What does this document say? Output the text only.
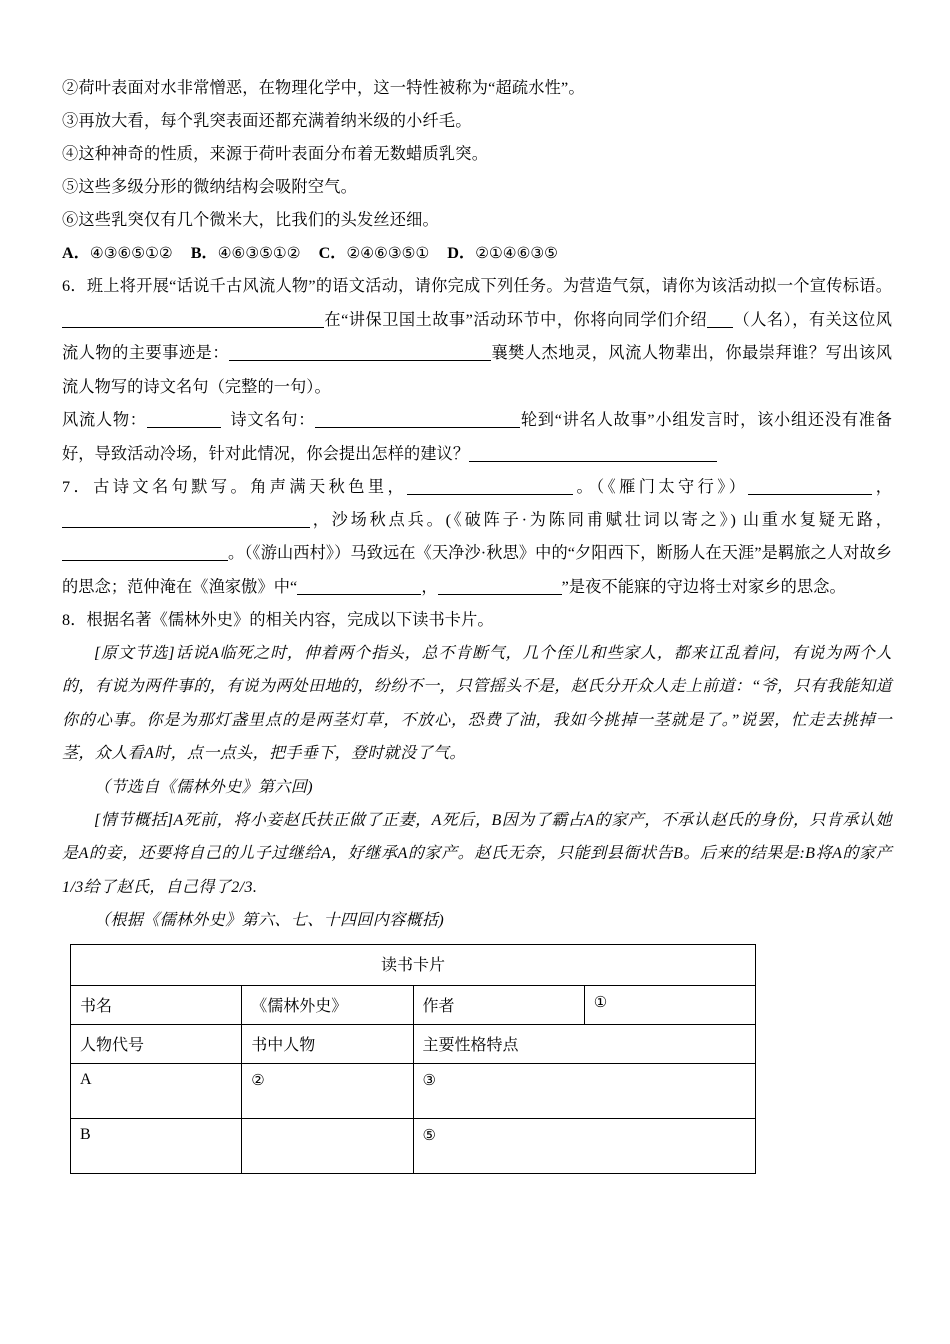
②荷叶表面对水非常憎恶，在物理化学中，这一特性被称为“超疏水性”。
③再放大看，每个乳突表面还都充满着纳米级的小纤毛。
④这种神奇的性质，来源于荷叶表面分布着无数蜡质乳突。
⑤这些多级分形的微纳结构会吸附空气。
⑥这些乳突仅有几个微米大，比我们的头发丝还细。
A．④③⑥⑤①② B．④⑥③⑤①② C．②④⑥③⑤① D．②①④⑥③⑤
6．班上将开展“话说千古风流人物”的语文活动，请你完成下列任务。为营造气氛，请你为该活动拟一个宣传标语。在“讲保卫国土故事”活动环节中，你将向同学们介绍 （人名），有关这位风流人物的主要事迹是：	襄樊人杰地灵，风流人物辈出，你最崇拜谁？写出该风流人物写的诗文名句（完整的一句）。
风流人物：	诗文名句：	轮到“讲名人故事”小组发言时，该小组还没有准备好，导致活动冷场，针对此情况，你会提出怎样的建议？
7．古诗文名句默写。角声满天秋色里，	。（《雁门太守行》）	，，沙场秋点兵。(《破阵子·为陈同甫赋壮词以寄之》) 山重水复疑无路，。（《游山西村》）马致远在《天净沙·秋思》中的“夕阳西下，断肠人在天涯”是羁旅之人对故乡的思念；范仲淹在《渔家傲》中“	，	”是夜不能寐的守边将士对家乡的思念。
8．根据名著《儒林外史》的相关内容，完成以下读书卡片。
[原文节选]话说A临死之时，伸着两个指头，总不肯断气，几个侄儿和些家人，都来讧乱着问，有说为两个人的，有说为两件事的，有说为两处田地的，纷纷不一，只管摇头不是，赵氏分开众人走上前道：“爷，只有我能知道你的心事。你是为那灯盏里点的是两茎灯草，不放心，恐费了油，我如今挑掉一茎就是了。”说罢，忙走去挑掉一茎，众人看A时，点一点头，把手垂下，登时就没了气。
（节选自《儒林外史》第六回)
[情节概括]A死前，将小妾赵氏扶正做了正妻，A死后，B因为了霸占A的家产，不承认赵氏的身份，只肯承认她是A的妾，还要将自己的儿子过继给A，好继承A的家产。赵氏无奈，只能到县衙状告B。后来的结果是:B将A的家产1/3给了赵氏，自己得了2/3.
（根据《儒林外史》第六、七、十四回内容概括)
读书卡片			
书名	《儒林外史》	作者	①
人物代号	书中人物	主要性格特点	
A	②	③	
B		⑤	
